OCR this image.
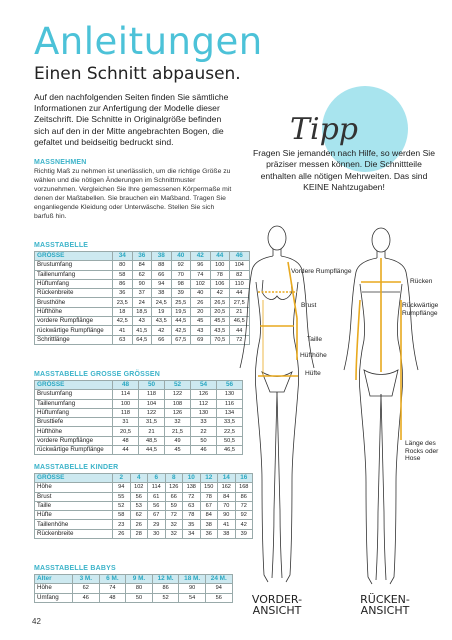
Anleitungen
Einen Schnitt abpausen.
Auf den nachfolgenden Seiten finden Sie sämtliche Informationen zur Anfertigung der Modelle dieser Zeitschrift. Die Schnitte in Originalgröße befinden sich auf den in der Mitte angebrachten Bogen, die gefaltet und beidseitig bedruckt sind.
MASSNEHMEN
Richtig Maß zu nehmen ist unerlässlich, um die richtige Größe zu wählen und die nötigen Änderungen im Schnittmuster vorzunehmen. Vergleichen Sie Ihre gemessenen Körpermaße mit denen der Maßtabellen. Sie brauchen ein Maßband. Tragen Sie enganliegende Kleidung oder Unterwäsche. Stellen Sie sich barfuß hin.
MASSTABELLE
GRÖSSE	34	36	38	40	42	44	46
Brustumfang	80	84	88	92	96	100	104
Taillenumfang	58	62	66	70	74	78	82
Hüftumfang	86	90	94	98	102	106	110
Rückenbreite	36	37	38	39	40	42	44
Brusthöhe	23,5	24	24,5	25,5	26	26,5	27,5
Hüfthöhe	18	18,5	19	19,5	20	20,5	21
vordere Rumpflänge	42,5	43	43,5	44,5	45	45,5	46,5
rückwärtige Rumpflänge	41	41,5	42	42,5	43	43,5	44
Schrittlänge	63	64,5	66	67,5	69	70,5	72
MASSTABELLE GROSSE GRÖSSEN
GRÖSSE	48	50	52	54	56
Brustumfang	114	118	122	126	130
Taillenumfang	100	104	108	112	116
Hüftumfang	118	122	126	130	134
Brusttiefe	31	31,5	32	33	33,5
Hüfthöhe	20,5	21	21,5	22	22,5
vordere Rumpflänge	48	48,5	49	50	50,5
rückwärtige Rumpflänge	44	44,5	45	46	46,5
MASSTABELLE KINDER
GRÖSSE	2	4	6	8	10	12	14	16
Höhe	94	102	114	126	138	150	162	168
Brust	55	56	61	66	72	78	84	86
Taille	52	53	56	59	63	67	70	72
Hüfte	58	62	67	72	78	84	90	92
Taillenhöhe	23	26	29	32	35	38	41	42
Rückenbreite	26	28	30	32	34	36	38	39
MASSTABELLE BABYS
Alter	3 M.	6 M.	9 M.	12 M.	18 M.	24 M.
Höhe	62	74	80	86	90	94
Umfang	46	48	50	52	54	56
Tipp
Fragen Sie jemanden nach Hilfe, so werden Sie präziser messen können. Die Schnittteile enthalten alle nötigen Mehrweiten. Das sind KEINE Nahtzugaben!
Vordere Rumpflänge
Brust
Taille
Hüfthöhe
Hüfte
Rücken
Rückwärtige Rumpflänge
Länge des Rocks oder Hose
VORDER-ANSICHT
RÜCKEN-ANSICHT
42
